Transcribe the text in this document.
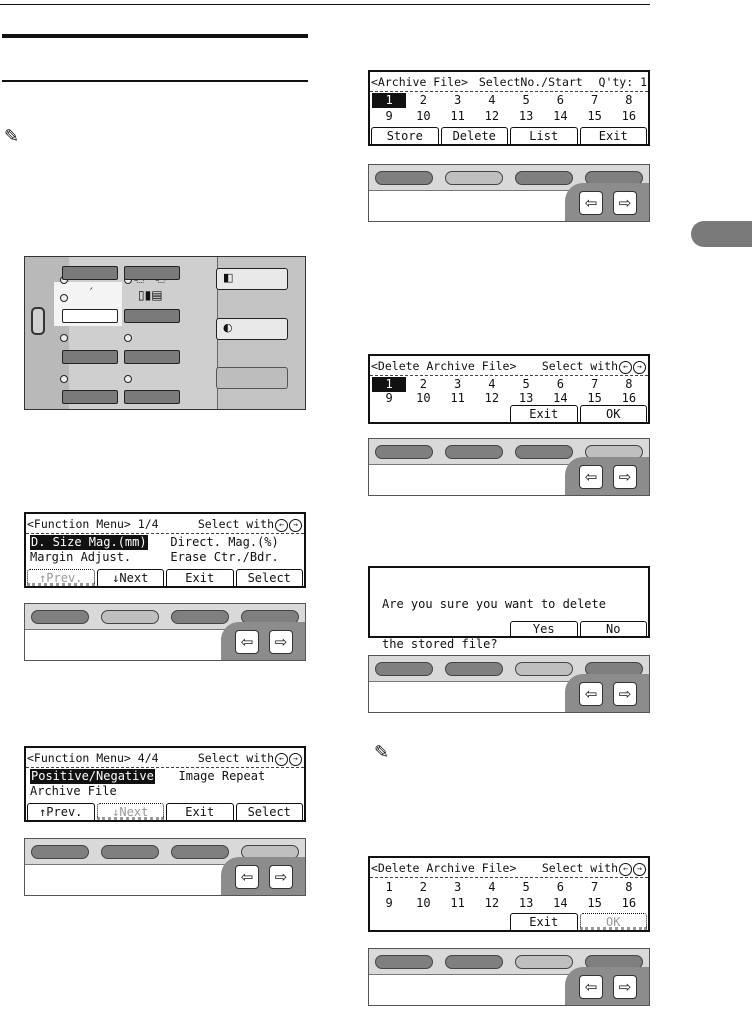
✎
✎
´	▯▮▤
◧
◐
<Function Menu> 1/4	Select with ← →
D. Size Mag.(mm) Direct. Mag.(%)
Margin Adjust.	Erase Ctr./Bdr.
↑Prev.	↓Next	Exit	Select
⇦	⇨
<Function Menu> 4/4	Select with ← →
Positive/Negative Image Repeat
Archive File
↑Prev.	↓Next	Exit	Select
⇦	⇨
<Archive File> SelectNo./Start Q'ty: 1
1	2	3	4	5	6	7	8
9	10	11	12	13	14	15	16
Store	Delete	List	Exit
⇦	⇨
<Delete Archive File> Select with ← →
1	2	3	4	5	6	7	8
9	10	11	12	13	14	15	16
Exit	OK
⇦	⇨

Are you sure you want to delete

the stored file?

Yes	No
⇦	⇨
<Delete Archive File> Select with ← →
1	2	3	4	5	6	7	8
9	10	11	12	13	14	15	16
Exit	OK
⇦	⇨
